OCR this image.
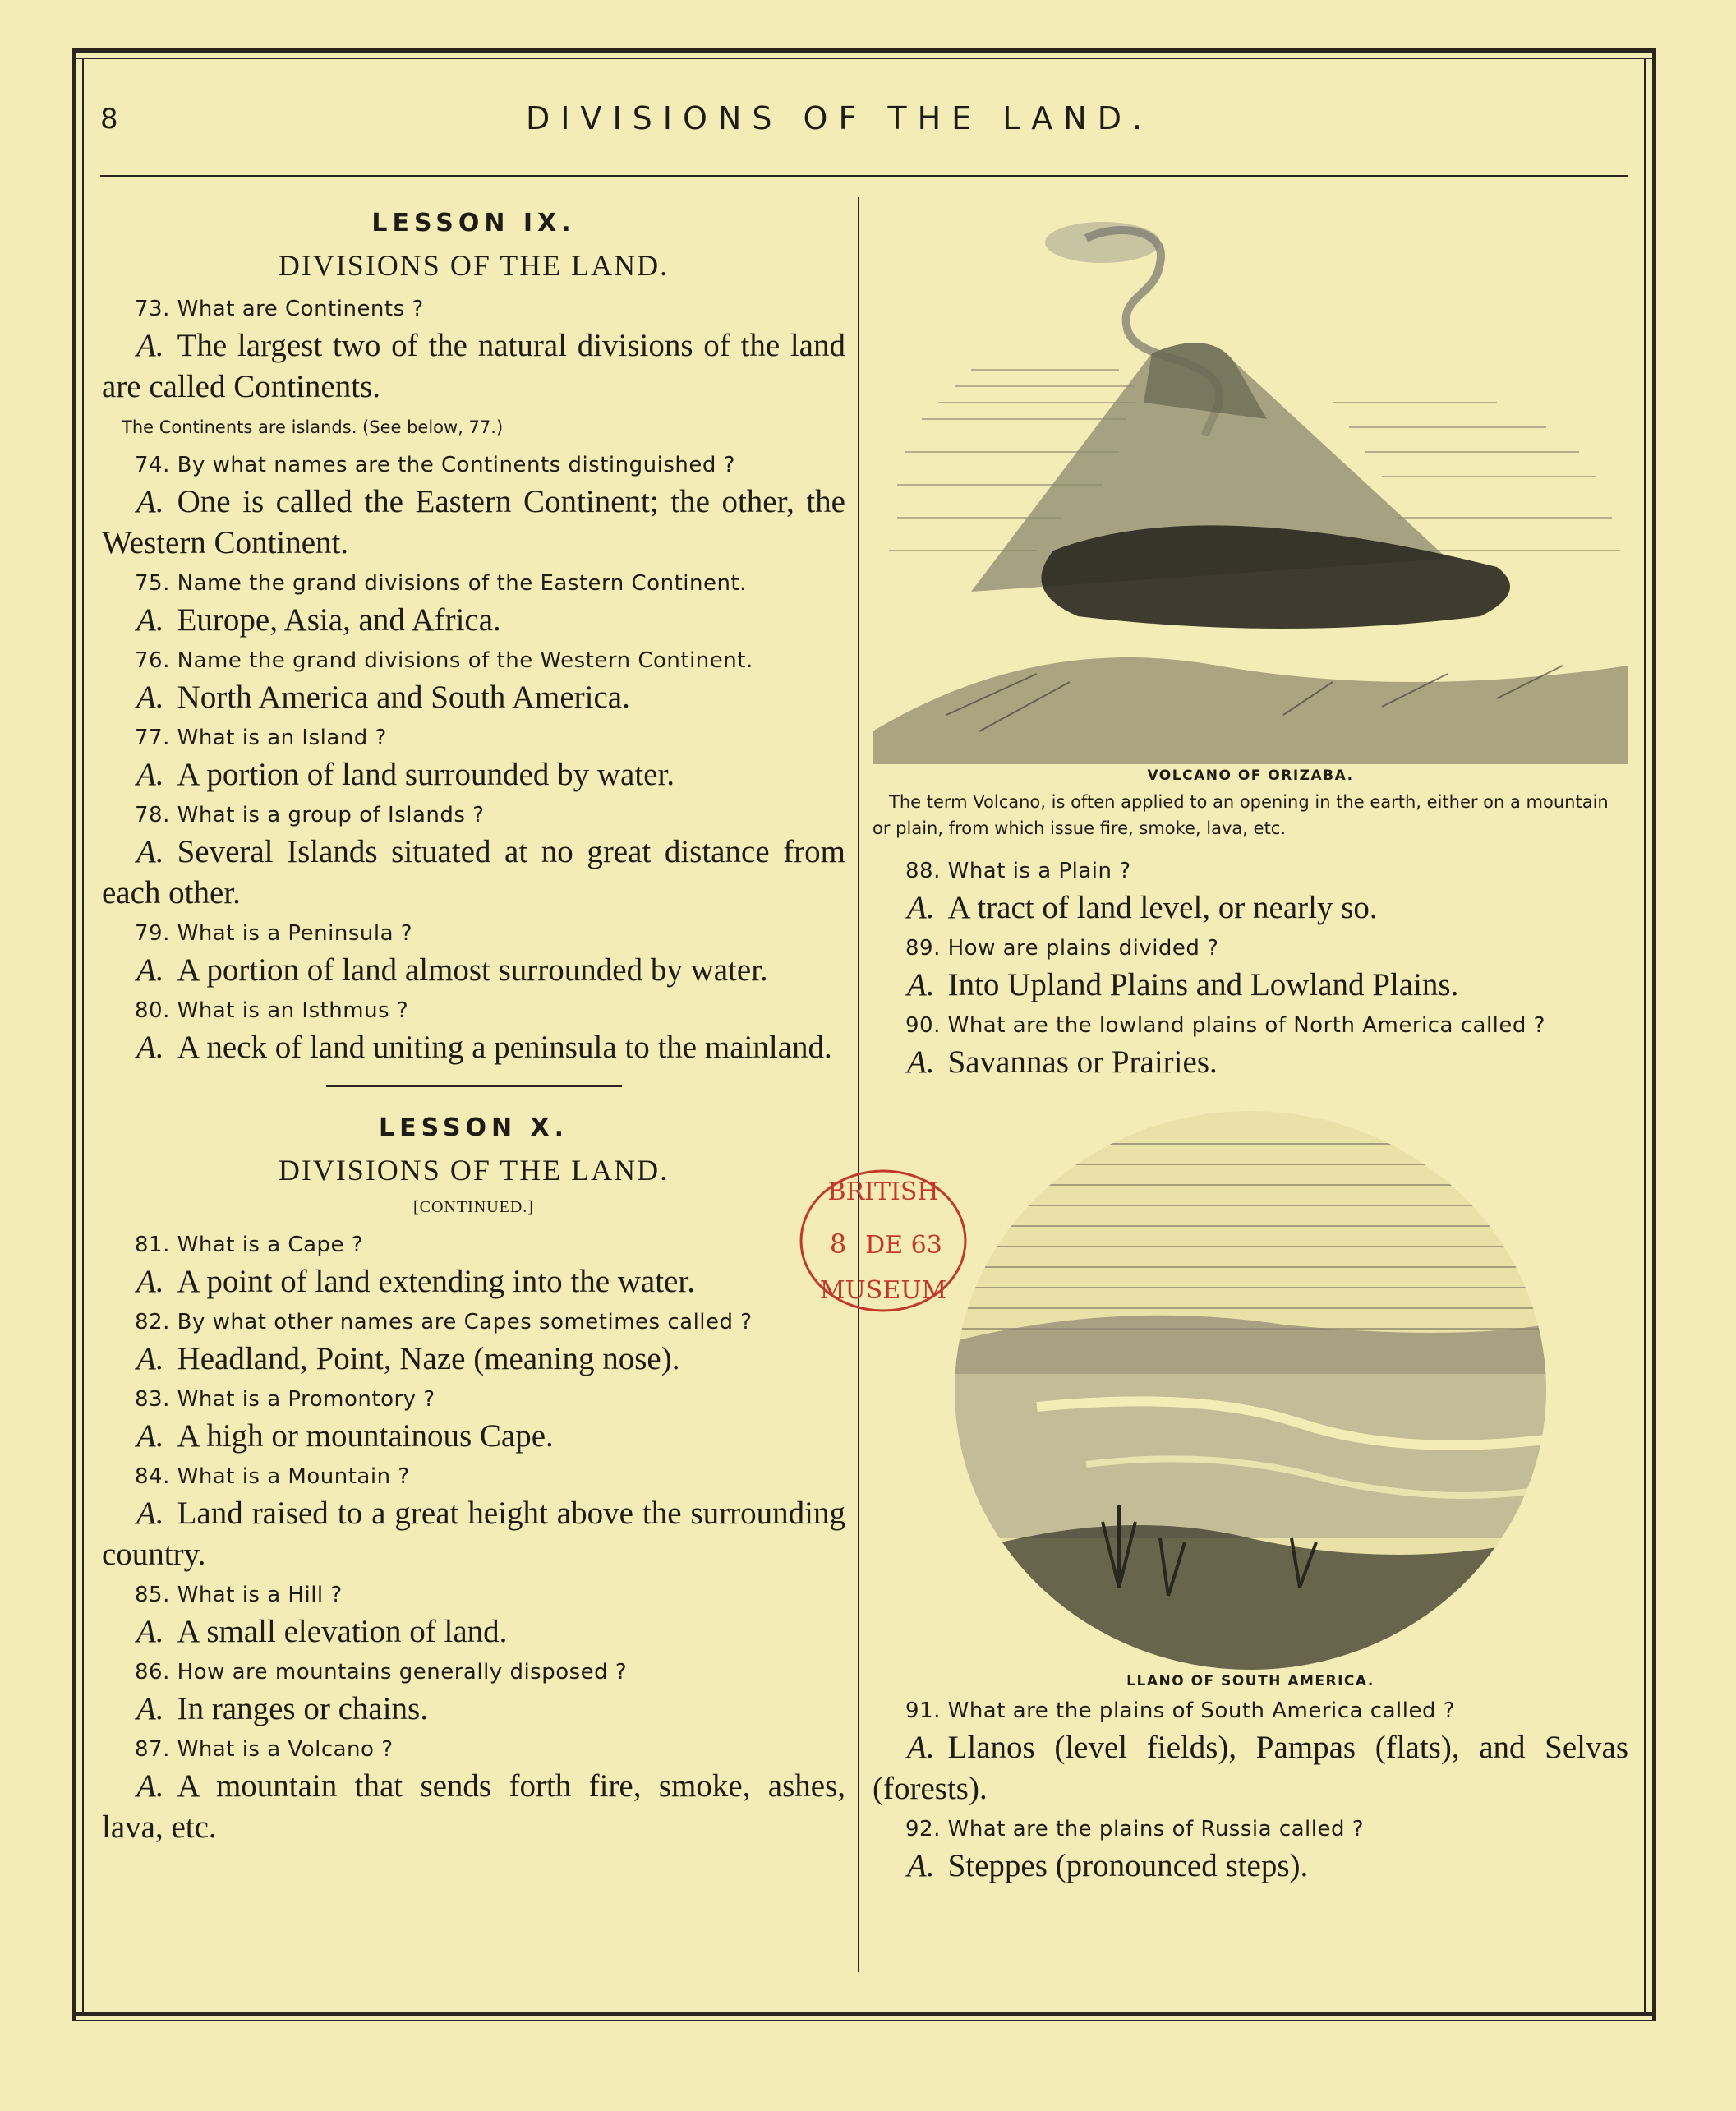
8	DIVISIONS OF THE LAND.

LESSON IX.

DIVISIONS OF THE LAND.

73. What are Continents ?

A. The largest two of the natural divisions of the land are called Continents.

The Continents are islands. (See below, 77.)

74. By what names are the Continents distinguished ?

A. One is called the Eastern Continent; the other, the Western Continent.

75. Name the grand divisions of the Eastern Continent.

A. Europe, Asia, and Africa.

76. Name the grand divisions of the Western Continent.

A. North America and South America.

77. What is an Island ?

A. A portion of land surrounded by water.

78. What is a group of Islands ?

A. Several Islands situated at no great distance from each other.

79. What is a Peninsula ?

A. A portion of land almost surrounded by water.

80. What is an Isthmus ?

A. A neck of land uniting a peninsula to the mainland.

LESSON X.

DIVISIONS OF THE LAND.

[CONTINUED.]

81. What is a Cape ?

A. A point of land extending into the water.

82. By what other names are Capes sometimes called ?

A. Headland, Point, Naze (meaning nose).

83. What is a Promontory ?

A. A high or mountainous Cape.

84. What is a Mountain ?

A. Land raised to a great height above the surrounding country.

85. What is a Hill ?

A. A small elevation of land.

86. How are mountains generally disposed ?

A. In ranges or chains.

87. What is a Volcano ?

A. A mountain that sends forth fire, smoke, ashes, lava, etc.

VOLCANO OF ORIZABA.

The term Volcano, is often applied to an opening in the earth, either on a mountain or plain, from which issue fire, smoke, lava, etc.

88. What is a Plain ?

A. A tract of land level, or nearly so.

89. How are plains divided ?

A. Into Upland Plains and Lowland Plains.

90. What are the lowland plains of North America called ?

A. Savannas or Prairies.

LLANO OF SOUTH AMERICA.

91. What are the plains of South America called ?

A. Llanos (level fields), Pampas (flats), and Selvas (forests).

92. What are the plains of Russia called ?

A. Steppes (pronounced steps).

BRITISH
8 DE 63
MUSEUM
